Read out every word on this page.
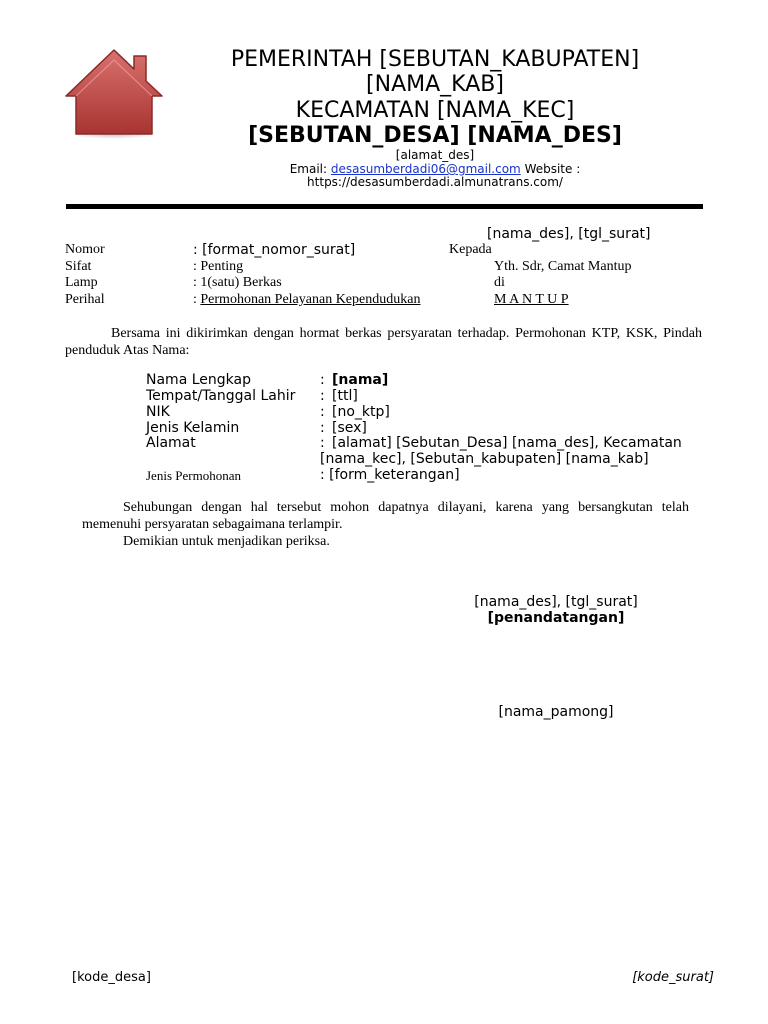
PEMERINTAH [SEBUTAN_KABUPATEN]
[NAMA_KAB]
KECAMATAN [NAMA_KEC]
[SEBUTAN_DESA] [NAMA_DES]
[alamat_des]
Email: desasumberdadi06@gmail.com Website :
https://desasumberdadi.almunatrans.com/
[nama_des], [tgl_surat]
Nomor	: [format_nomor_surat]	Kepada
Sifat	: Penting	Yth. Sdr, Camat Mantup
Lamp	: 1(satu) Berkas	di
Perihal	: Permohonan Pelayanan Kependudukan	M A N T U P
Bersama ini dikirimkan dengan hormat berkas persyaratan terhadap. Permohonan KTP, KSK, Pindah penduduk Atas Nama:
Nama Lengkap	: [nama]
Tempat/Tanggal Lahir : [ttl]
NIK	: [no_ktp]
Jenis Kelamin	: [sex]
Alamat	: [alamat] [Sebutan_Desa] [nama_des], Kecamatan
[nama_kec], [Sebutan_kabupaten] [nama_kab]
Jenis Permohonan	: [form_keterangan]
Sehubungan dengan hal tersebut mohon dapatnya dilayani, karena yang bersangkutan telah memenuhi persyaratan sebagaimana terlampir.
Demikian untuk menjadikan periksa.
[nama_des], [tgl_surat]
[penandatangan]
[nama_pamong]
[kode_desa]	[kode_surat]
